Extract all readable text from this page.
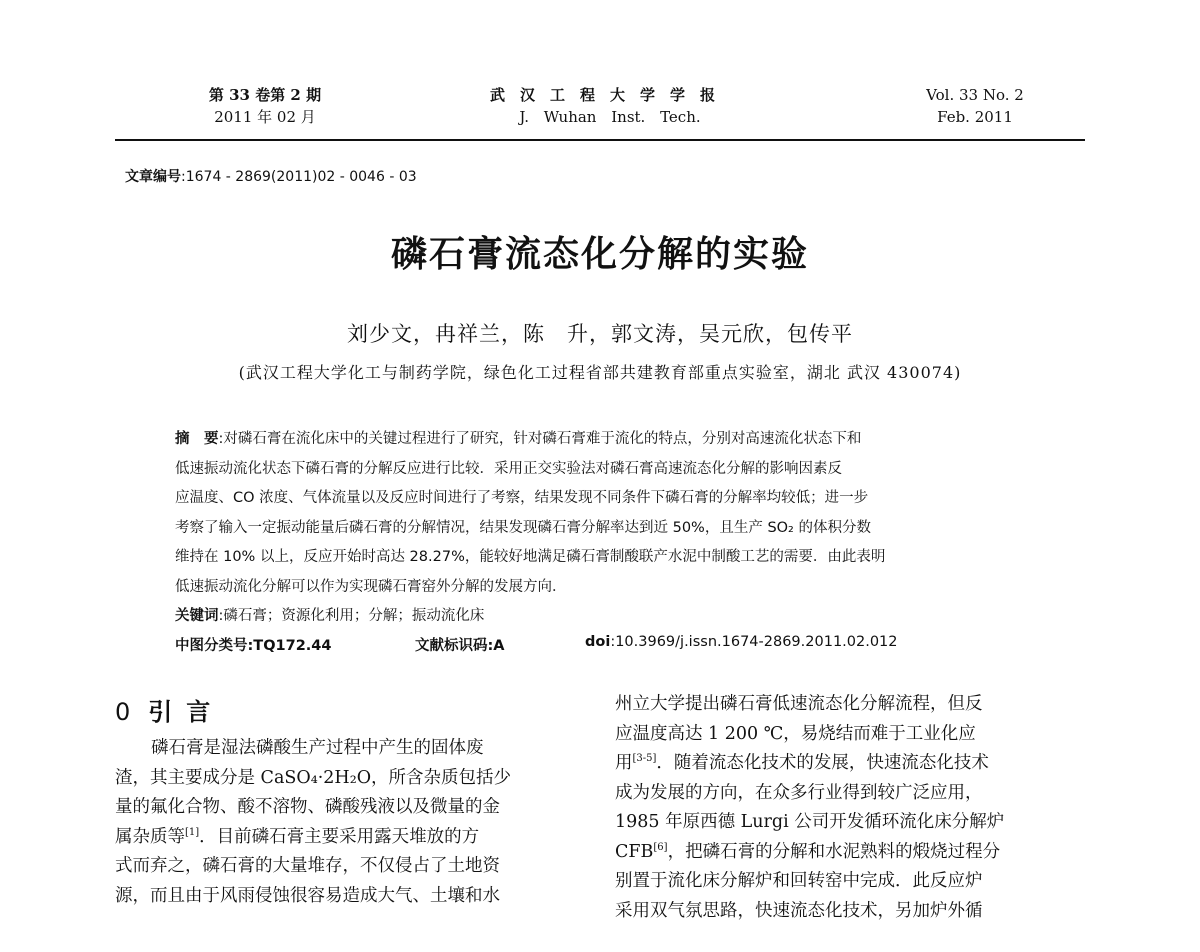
第 33 卷第 2 期
2011 年 02 月
武汉工程大学学报
J. Wuhan Inst. Tech.
Vol. 33 No. 2
Feb. 2011
文章编号:1674 - 2869(2011)02 - 0046 - 03
磷石膏流态化分解的实验
刘少文，冉祥兰，陈　升，郭文涛，吴元欣，包传平
(武汉工程大学化工与制药学院，绿色化工过程省部共建教育部重点实验室，湖北 武汉 430074)
摘　要:对磷石膏在流化床中的关键过程进行了研究，针对磷石膏难于流化的特点，分别对高速流化状态下和
低速振动流化状态下磷石膏的分解反应进行比较．采用正交实验法对磷石膏高速流态化分解的影响因素反
应温度、CO 浓度、气体流量以及反应时间进行了考察，结果发现不同条件下磷石膏的分解率均较低；进一步
考察了输入一定振动能量后磷石膏的分解情况，结果发现磷石膏分解率达到近 50%，且生产 SO₂ 的体积分数
维持在 10% 以上，反应开始时高达 28.27%，能较好地满足磷石膏制酸联产水泥中制酸工艺的需要．由此表明
低速振动流化分解可以作为实现磷石膏窑外分解的发展方向．
关键词:磷石膏；资源化利用；分解；振动流化床
中图分类号:TQ172.44	文献标识码:A	doi:10.3969/j.issn.1674-2869.2011.02.012
0 引言
磷石膏是湿法磷酸生产过程中产生的固体废
渣，其主要成分是 CaSO₄·2H₂O，所含杂质包括少
量的氟化合物、酸不溶物、磷酸残液以及微量的金
属杂质等[1]．目前磷石膏主要采用露天堆放的方
式而弃之，磷石膏的大量堆存，不仅侵占了土地资
源，而且由于风雨侵蚀很容易造成大气、土壤和水
州立大学提出磷石膏低速流态化分解流程，但反
应温度高达 1 200 ℃，易烧结而难于工业化应
用[3-5]．随着流态化技术的发展，快速流态化技术
成为发展的方向，在众多行业得到较广泛应用，
1985 年原西德 Lurgi 公司开发循环流化床分解炉
CFB[6]，把磷石膏的分解和水泥熟料的煅烧过程分
别置于流化床分解炉和回转窑中完成．此反应炉
采用双气氛思路，快速流态化技术，另加炉外循
